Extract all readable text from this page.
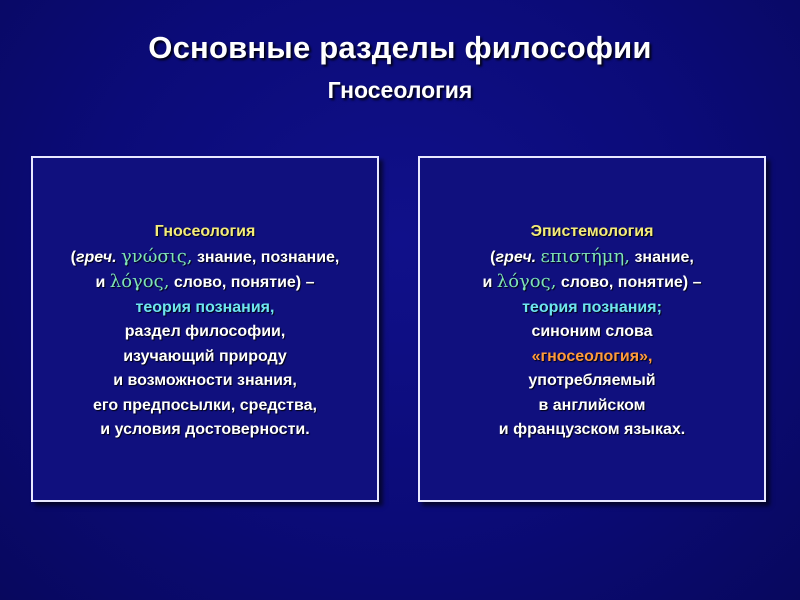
Основные разделы философии
Гносеология
Гносеология
(греч. γνώσις, знание, познание,
и λόγος, слово, понятие) –
теория познания,
раздел философии,
изучающий природу
и возможности знания,
его предпосылки, средства,
и условия достоверности.
Эпистемология
(греч. επιστήμη, знание,
и λόγος, слово, понятие) –
теория познания;
синоним слова
«гносеология»,
употребляемый
в английском
и французском языках.
